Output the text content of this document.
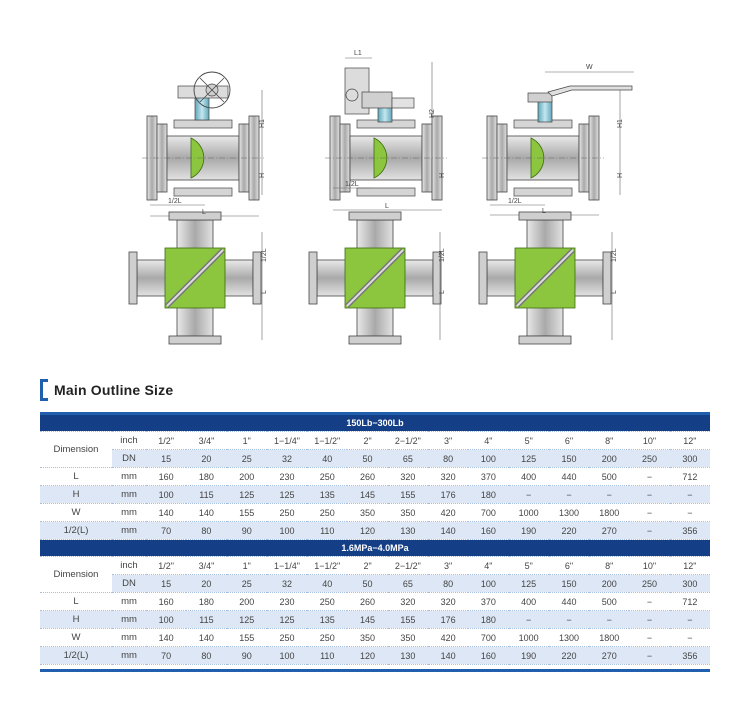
L1
W
H1
H
H2
H
H1
H
1/2L
L
1/2L
L
1/2L
L
1/2L
L
1/2L
L
1/2L
L
Main Outline Size
150Lb−300Lb															
Dimension	inch	1/2"	3/4"	1"	1−1/4"	1−1/2"	2"	2−1/2"	3"	4"	5"	6"	8"	10"	12"
	DN	15	20	25	32	40	50	65	80	100	125	150	200	250	300
L	mm	160	180	200	230	250	260	320	320	370	400	440	500	−	712
H	mm	100	115	125	125	135	145	155	176	180	−	−	−	−	−
W	mm	140	140	155	250	250	350	350	420	700	1000	1300	1800	−	−
1/2(L)	mm	70	80	90	100	110	120	130	140	160	190	220	270	−	356
1.6MPa−4.0MPa															
Dimension	inch	1/2"	3/4"	1"	1−1/4"	1−1/2"	2"	2−1/2"	3"	4"	5"	6"	8"	10"	12"
	DN	15	20	25	32	40	50	65	80	100	125	150	200	250	300
L	mm	160	180	200	230	250	260	320	320	370	400	440	500	−	712
H	mm	100	115	125	125	135	145	155	176	180	−	−	−	−	−
W	mm	140	140	155	250	250	350	350	420	700	1000	1300	1800	−	−
1/2(L)	mm	70	80	90	100	110	120	130	140	160	190	220	270	−	356
